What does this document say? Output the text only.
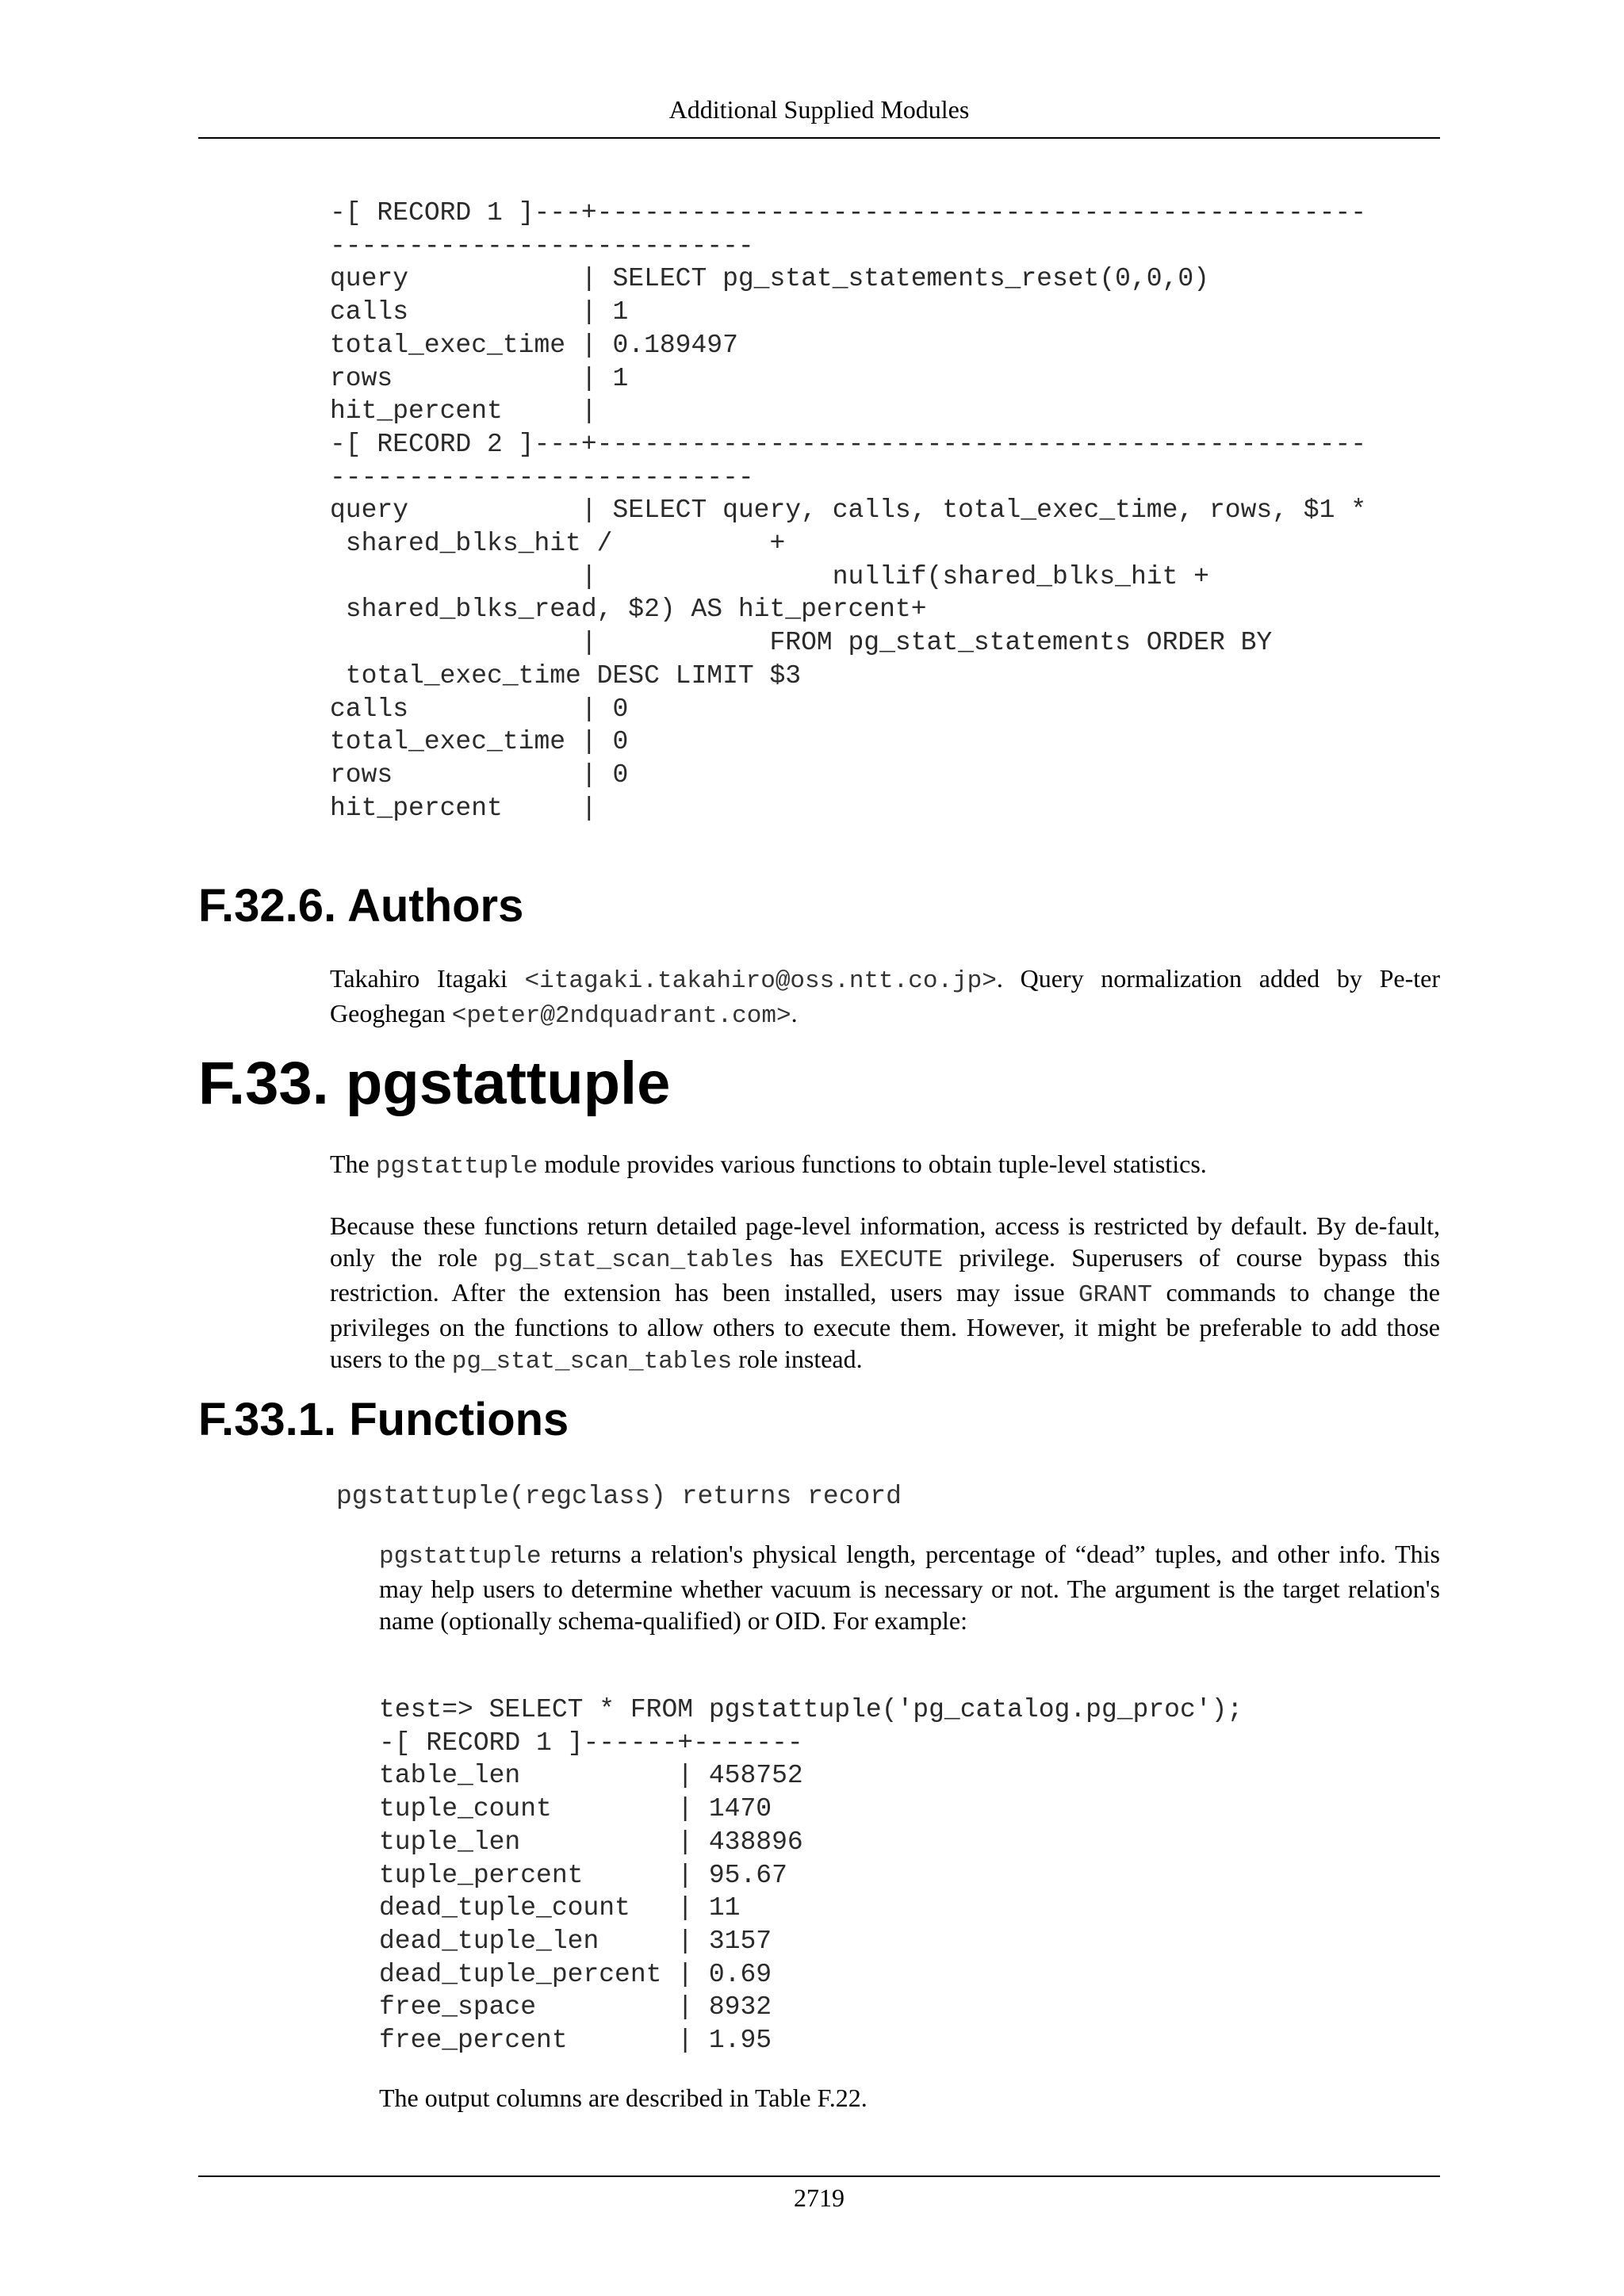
Additional Supplied Modules
-[ RECORD 1 ]---+-------------------------------------------------
---------------------------
query           | SELECT pg_stat_statements_reset(0,0,0)
calls           | 1
total_exec_time | 0.189497
rows            | 1
hit_percent     |
-[ RECORD 2 ]---+-------------------------------------------------
---------------------------
query           | SELECT query, calls, total_exec_time, rows, $1 *
shared_blks_hit /          +
|               nullif(shared_blks_hit +
shared_blks_read, $2) AS hit_percent+
|           FROM pg_stat_statements ORDER BY
total_exec_time DESC LIMIT $3
calls           | 0
total_exec_time | 0
rows            | 0
hit_percent     |
F.32.6. Authors

Takahiro Itagaki <itagaki.takahiro@oss.ntt.co.jp>. Query normalization added by Pe-ter Geoghegan <peter@2ndquadrant.com>.

F.33. pgstattuple

The pgstattuple module provides various functions to obtain tuple-level statistics.

Because these functions return detailed page-level information, access is restricted by default. By de-fault, only the role pg_stat_scan_tables has EXECUTE privilege. Superusers of course bypass this restriction. After the extension has been installed, users may issue GRANT commands to change the privileges on the functions to allow others to execute them. However, it might be preferable to add those users to the pg_stat_scan_tables role instead.

F.33.1. Functions
pgstattuple(regclass) returns record

pgstattuple returns a relation's physical length, percentage of “dead” tuples, and other info. This may help users to determine whether vacuum is necessary or not. The argument is the target relation's name (optionally schema-qualified) or OID. For example:

test=> SELECT * FROM pgstattuple('pg_catalog.pg_proc');
-[ RECORD 1 ]------+-------
table_len          | 458752
tuple_count        | 1470
tuple_len          | 438896
tuple_percent      | 95.67
dead_tuple_count   | 11
dead_tuple_len     | 3157
dead_tuple_percent | 0.69
free_space         | 8932
free_percent       | 1.95

The output columns are described in Table F.22.

2719
